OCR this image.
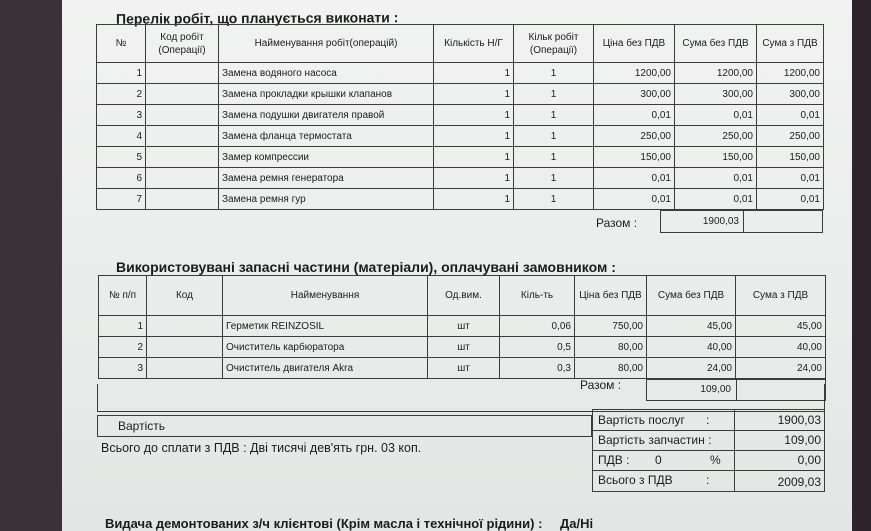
Перелік робіт, що планується виконати :
№	Код робіт (Операції)	Найменування робіт(операцій)	Кількість Н/Г	Кільк робіт (Операції)	Ціна без ПДВ	Сума без ПДВ	Сума з ПДВ
1		Замена водяного насоса	1	1	1200,00	1200,00	1200,00
2		Замена прокладки крышки клапанов	1	1	300,00	300,00	300,00
3		Замена подушки двигателя правой	1	1	0,01	0,01	0,01
4		Замена фланца термостата	1	1	250,00	250,00	250,00
5		Замер компрессии	1	1	150,00	150,00	150,00
6		Замена ремня генератора	1	1	0,01	0,01	0,01
7		Замена ремня гур	1	1	0,01	0,01	0,01
Разом :	1900,03
Використовувані запасні частини (матеріали), оплачувані замовником :
№ п/п	Код	Найменування	Од.вим.	Кіль-ть	Ціна без ПДВ	Сума без ПДВ	Сума з ПДВ
1		Герметик REINZOSIL	шт	0,06	750,00	45,00	45,00
2		Очиститель карбюратора	шт	0,5	80,00	40,00	40,00
3		Очиститель двигателя Akra	шт	0,3	80,00	24,00	24,00
Разом :	109,00
Вартість	Вартість послуг :	1900,03
Вартість запчастин :	109,00
ПДВ : 0	%	0,00
Всього з ПДВ	:	2009,03
Всього до сплати з ПДВ : Дві тисячі дев'ять грн. 03 коп.
Видача демонтованих з/ч клієнтові (Крім масла і технічної рідини) : Да/Ні
